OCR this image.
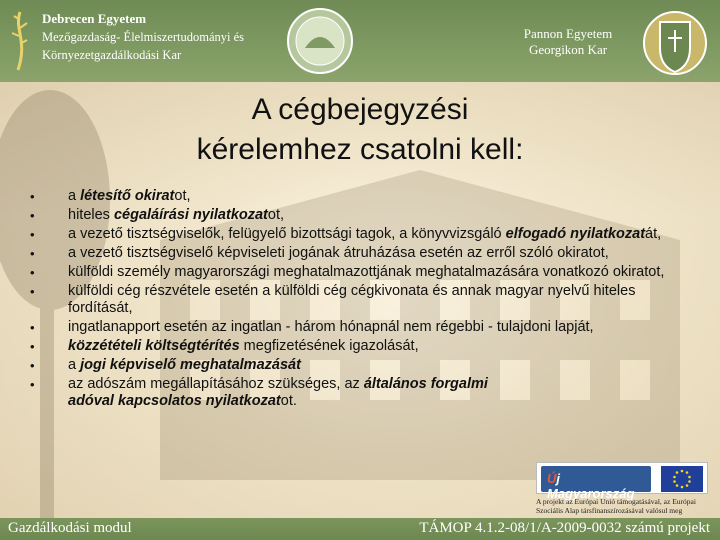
Debrecen Egyetem
Mezőgazdaság- Élelmiszertudományi és
Környezetgazdálkodási Kar
Pannon Egyetem
Georgikon Kar
A cégbejegyzési
kérelemhez csatolni kell:
• a létesítő okiratot,
• hiteles cégaláírási nyilatkozatot,
• a vezető tisztségviselők, felügyelő bizottsági tagok, a könyvvizsgáló elfogadó nyilatkozatát,
• a vezető tisztségviselő képviseleti jogának átruházása esetén az erről szóló okiratot,
• külföldi személy magyarországi meghatalmazottjának meghatalmazására vonatkozó okiratot,
• külföldi cég részvétele esetén a külföldi cég cégkivonata és annak magyar nyelvű hiteles fordítását,
• ingatlanapport esetén az ingatlan - három hónapnál nem régebbi - tulajdoni lapját,
• közzétételi költségtérítés megfizetésének igazolását,
• a jogi képviselő meghatalmazását
• az adószám megállapításához szükséges, az általános forgalmi adóval kapcsolatos nyilatkozatot.
Új Magyarország
A projekt az Európai Unió támogatásával, az Európai Szociális Alap társfinanszírozásával valósul meg
Gazdálkodási modul	TÁMOP 4.1.2-08/1/A-2009-0032 számú projekt
